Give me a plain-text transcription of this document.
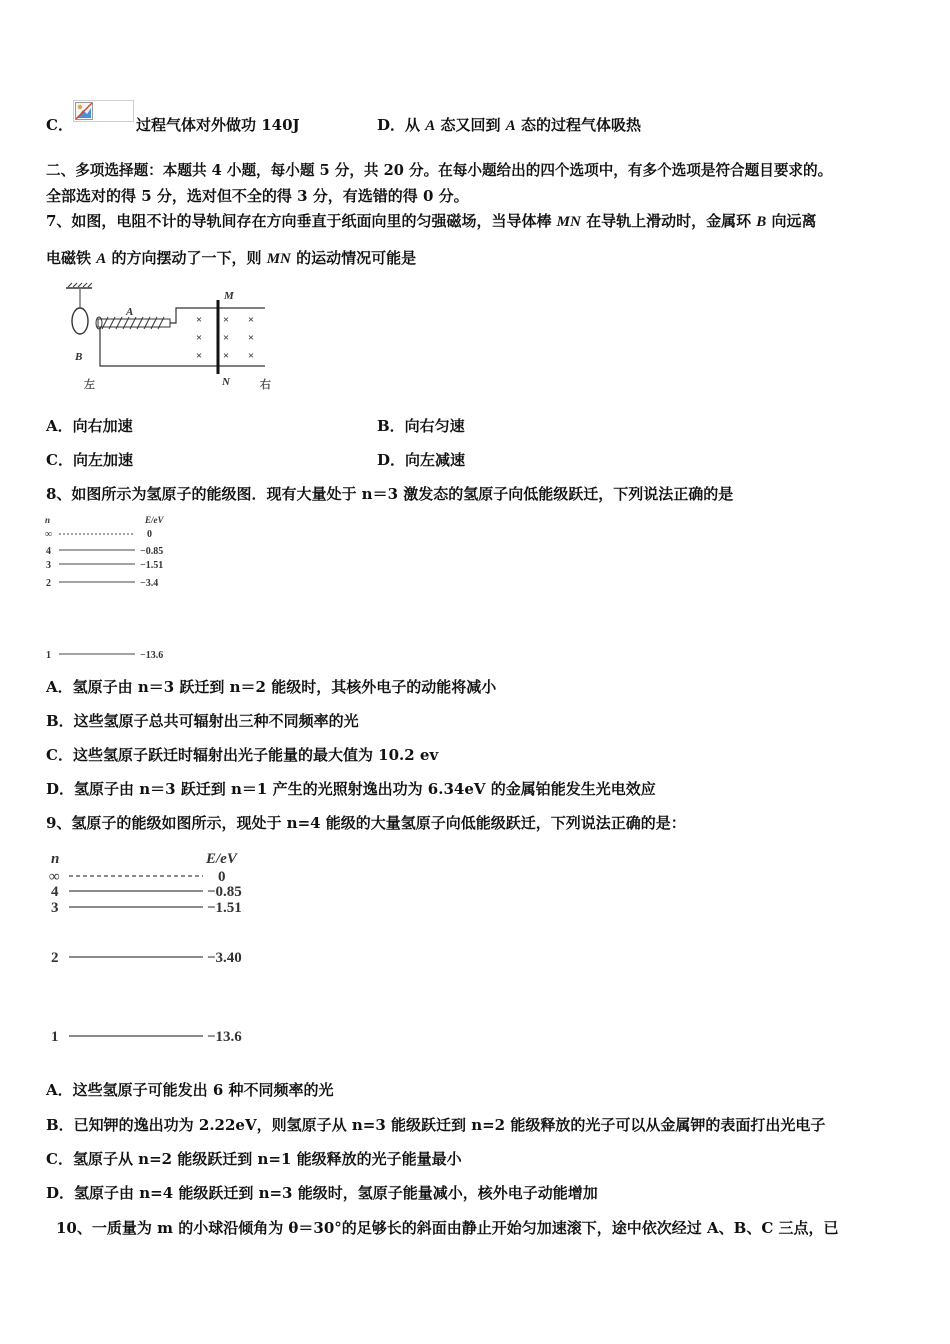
C．	过程气体对外做功 140J	D．从 A 态又回到 A 态的过程气体吸热
二、多项选择题：本题共 4 小题，每小题 5 分，共 20 分。在每小题给出的四个选项中，有多个选项是符合题目要求的。
全部选对的得 5 分，选对但不全的得 3 分，有选错的得 0 分。
7、如图，电阻不计的导轨间存在方向垂直于纸面向里的匀强磁场，当导体棒 MN 在导轨上滑动时，金属环 B 向远离
电磁铁 A 的方向摆动了一下，则 MN 的运动情况可能是
×
×
×
×
×
×
×
×
×
M
N
A
B
左	右
A．向右加速	B．向右匀速
C．向左加速	D．向左减速
8、如图所示为氢原子的能级图．现有大量处于 n＝3 激发态的氢原子向低能级跃迁，下列说法正确的是
n	E/eV
∞	0
4	−0.85
3	−1.51
2	−3.4
1	−13.6
A．氢原子由 n＝3 跃迁到 n＝2 能级时，其核外电子的动能将减小
B．这些氢原子总共可辐射出三种不同频率的光
C．这些氢原子跃迁时辐射出光子能量的最大值为 10.2 ev
D．氢原子由 n＝3 跃迁到 n＝1 产生的光照射逸出功为 6.34eV 的金属铂能发生光电效应
9、氢原子的能级如图所示，现处于 n=4 能级的大量氢原子向低能级跃迁，下列说法正确的是：
n	E/eV
∞	0
4	−0.85
3	−1.51
2	−3.40
1	−13.6
A．这些氢原子可能发出 6 种不同频率的光
B．已知钾的逸出功为 2.22eV，则氢原子从 n=3 能级跃迁到 n=2 能级释放的光子可以从金属钾的表面打出光电子
C．氢原子从 n=2 能级跃迁到 n=1 能级释放的光子能量最小
D．氢原子由 n=4 能级跃迁到 n=3 能级时，氢原子能量减小，核外电子动能增加
10、一质量为 m 的小球沿倾角为 θ＝30°的足够长的斜面由静止开始匀加速滚下，途中依次经过 A、B、C 三点，已
